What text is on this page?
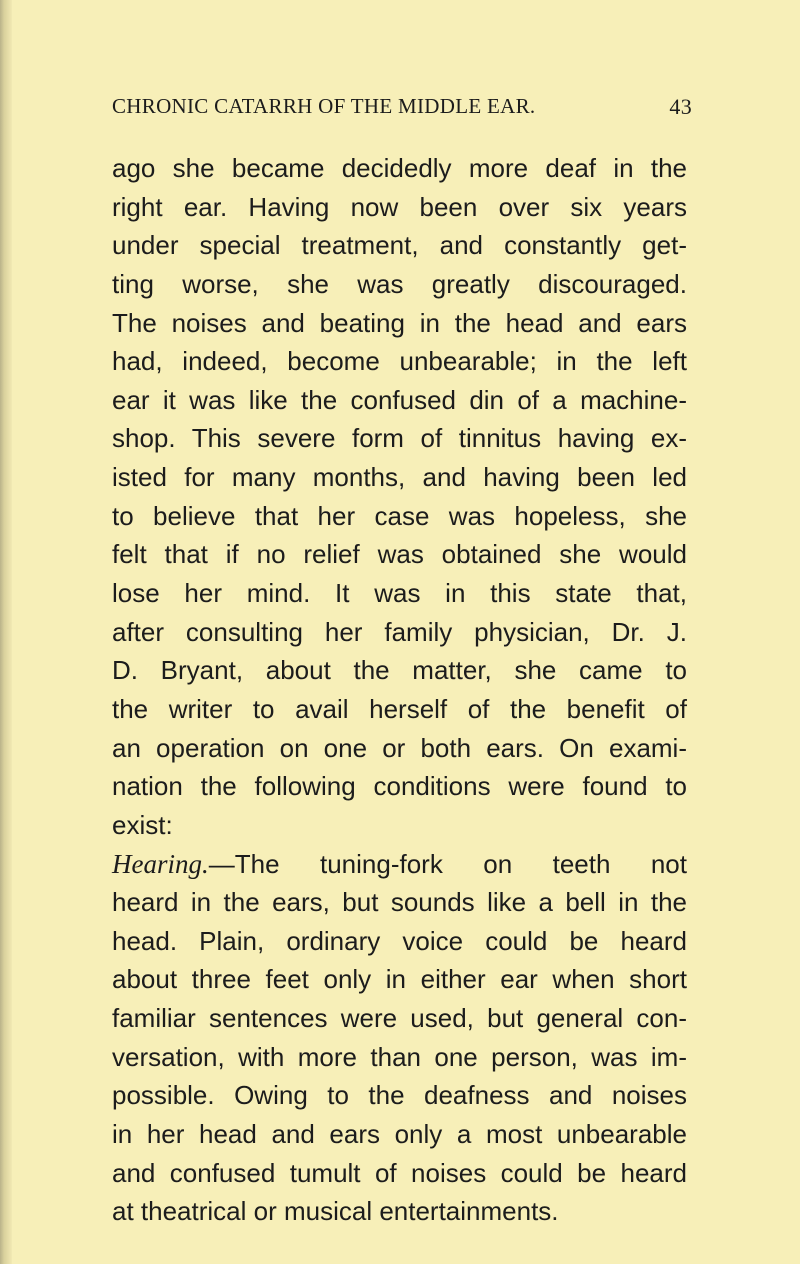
CHRONIC CATARRH OF THE MIDDLE EAR.	43
ago she became decidedly more deaf in the
right ear. Having now been over six years
under special treatment, and constantly get-
ting worse, she was greatly discouraged.
The noises and beating in the head and ears
had, indeed, become unbearable; in the left
ear it was like the confused din of a machine-
shop. This severe form of tinnitus having ex-
isted for many months, and having been led
to believe that her case was hopeless, she
felt that if no relief was obtained she would
lose her mind. It was in this state that,
after consulting her family physician, Dr. J.
D. Bryant, about the matter, she came to
the writer to avail herself of the benefit of
an operation on one or both ears. On exami-
nation the following conditions were found to
exist:
Hearing.—The tuning-fork on teeth not
heard in the ears, but sounds like a bell in the
head. Plain, ordinary voice could be heard
about three feet only in either ear when short
familiar sentences were used, but general con-
versation, with more than one person, was im-
possible. Owing to the deafness and noises
in her head and ears only a most unbearable
and confused tumult of noises could be heard
at theatrical or musical entertainments.
